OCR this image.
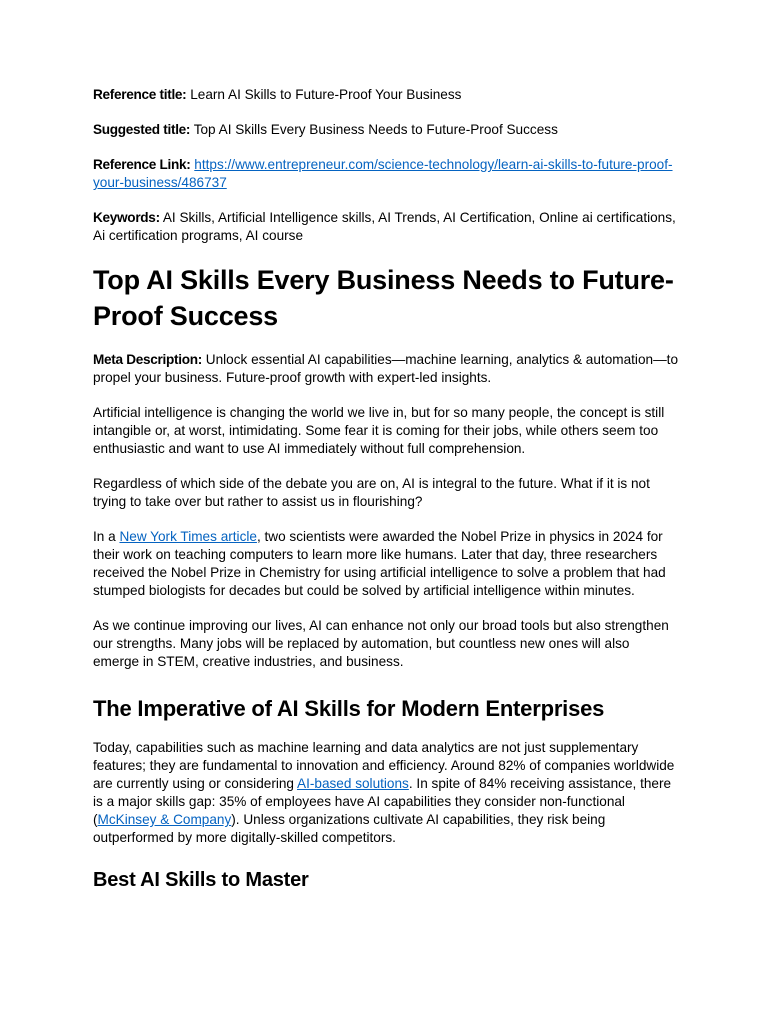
Reference title: Learn AI Skills to Future-Proof Your Business

Suggested title: Top AI Skills Every Business Needs to Future-Proof Success

Reference Link: https://www.entrepreneur.com/science-technology/learn-ai-skills-to-future-proof-your-business/486737

Keywords: AI Skills, Artificial Intelligence skills, AI Trends, AI Certification, Online ai certifications, Ai certification programs, AI course

Top AI Skills Every Business Needs to Future-Proof Success

Meta Description: Unlock essential AI capabilities—machine learning, analytics & automation—to propel your business. Future-proof growth with expert-led insights.

Artificial intelligence is changing the world we live in, but for so many people, the concept is still intangible or, at worst, intimidating. Some fear it is coming for their jobs, while others seem too enthusiastic and want to use AI immediately without full comprehension.

Regardless of which side of the debate you are on, AI is integral to the future. What if it is not trying to take over but rather to assist us in flourishing?

In a New York Times article, two scientists were awarded the Nobel Prize in physics in 2024 for their work on teaching computers to learn more like humans. Later that day, three researchers received the Nobel Prize in Chemistry for using artificial intelligence to solve a problem that had stumped biologists for decades but could be solved by artificial intelligence within minutes.

As we continue improving our lives, AI can enhance not only our broad tools but also strengthen our strengths. Many jobs will be replaced by automation, but countless new ones will also emerge in STEM, creative industries, and business.

The Imperative of AI Skills for Modern Enterprises

Today, capabilities such as machine learning and data analytics are not just supplementary features; they are fundamental to innovation and efficiency. Around 82% of companies worldwide are currently using or considering AI-based solutions. In spite of 84% receiving assistance, there is a major skills gap: 35% of employees have AI capabilities they consider non-functional (McKinsey & Company). Unless organizations cultivate AI capabilities, they risk being outperformed by more digitally-skilled competitors.

Best AI Skills to Master
